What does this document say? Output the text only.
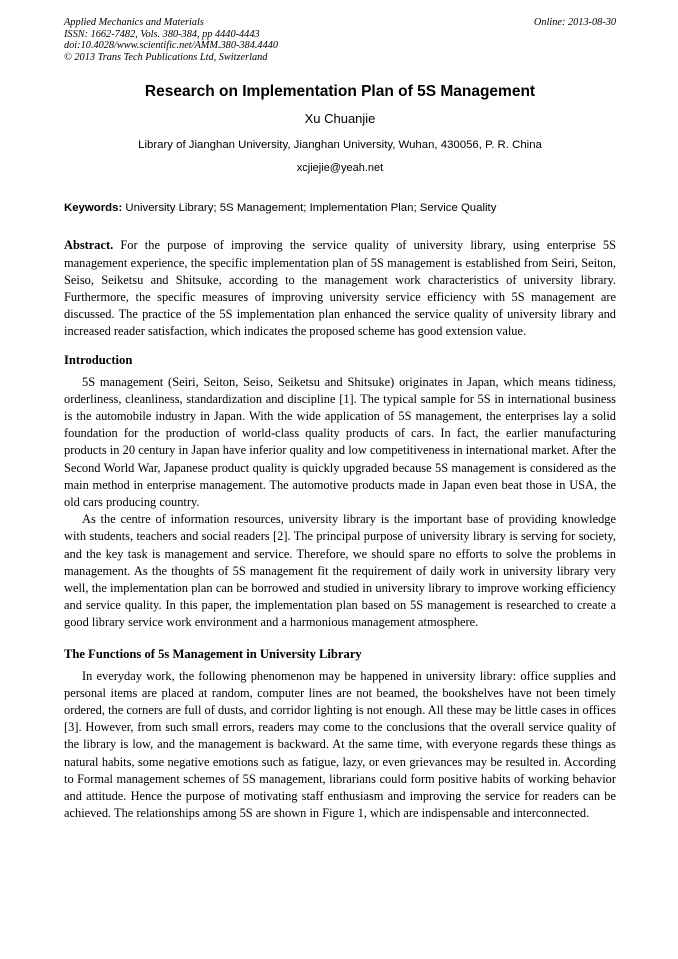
Applied Mechanics and Materials
ISSN: 1662-7482, Vols. 380-384, pp 4440-4443
doi:10.4028/www.scientific.net/AMM.380-384.4440
© 2013 Trans Tech Publications Ltd, Switzerland
Online: 2013-08-30
Research on Implementation Plan of 5S Management
Xu Chuanjie
Library of Jianghan University, Jianghan University, Wuhan, 430056, P. R. China
xcjiejie@yeah.net
Keywords: University Library; 5S Management; Implementation Plan; Service Quality
Abstract. For the purpose of improving the service quality of university library, using enterprise 5S management experience, the specific implementation plan of 5S management is established from Seiri, Seiton, Seiso, Seiketsu and Shitsuke, according to the management work characteristics of university library. Furthermore, the specific measures of improving university service efficiency with 5S management are discussed. The practice of the 5S implementation plan enhanced the service quality of university library and increased reader satisfaction, which indicates the proposed scheme has good extension value.
Introduction

5S management (Seiri, Seiton, Seiso, Seiketsu and Shitsuke) originates in Japan, which means tidiness, orderliness, cleanliness, standardization and discipline [1]. The typical sample for 5S in international business is the automobile industry in Japan. With the wide application of 5S management, the enterprises lay a solid foundation for the production of world-class quality products of cars. In fact, the earlier manufacturing products in 20 century in Japan have inferior quality and low competitiveness in international market. After the Second World War, Japanese product quality is quickly upgraded because 5S management is considered as the main method in enterprise management. The automotive products made in Japan even beat those in USA, the old cars producing country.

As the centre of information resources, university library is the important base of providing knowledge with students, teachers and social readers [2]. The principal purpose of university library is serving for society, and the key task is management and service. Therefore, we should spare no efforts to solve the problems in management. As the thoughts of 5S management fit the requirement of daily work in university library very well, the implementation plan can be borrowed and studied in university library to improve working efficiency and service quality. In this paper, the implementation plan based on 5S management is researched to create a good library service work environment and a harmonious management atmosphere.

The Functions of 5s Management in University Library

In everyday work, the following phenomenon may be happened in university library: office supplies and personal items are placed at random, computer lines are not beamed, the bookshelves have not been timely ordered, the corners are full of dusts, and corridor lighting is not enough. All these may be little cases in offices [3]. However, from such small errors, readers may come to the conclusions that the overall service quality of the library is low, and the management is backward. At the same time, with everyone regards these things as natural habits, some negative emotions such as fatigue, lazy, or even grievances may be resulted in. According to Formal management schemes of 5S management, librarians could form positive habits of working behavior and attitude. Hence the purpose of motivating staff enthusiasm and improving the service for readers can be achieved. The relationships among 5S are shown in Figure 1, which are indispensable and interconnected.
